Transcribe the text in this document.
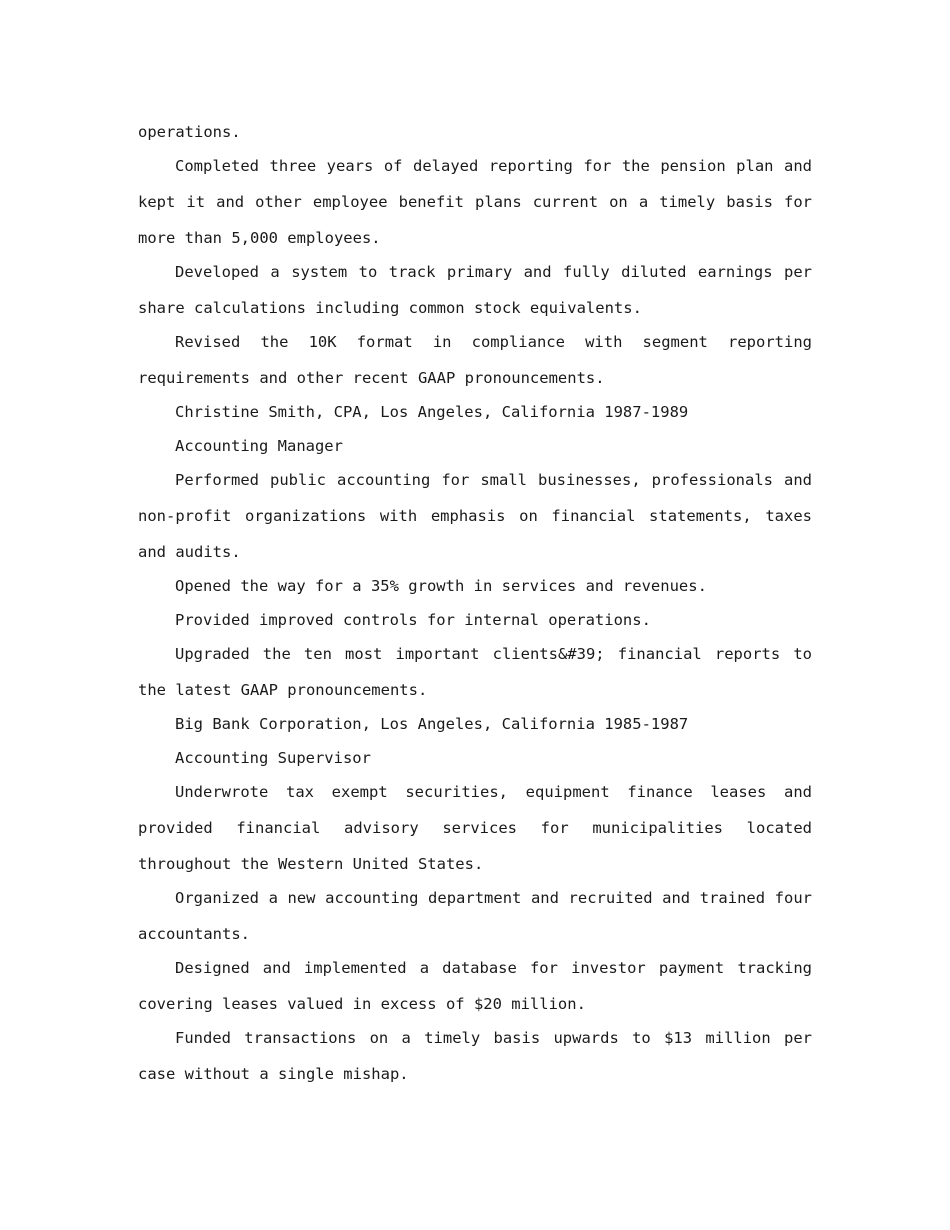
operations.

Completed three years of delayed reporting for the pension plan and kept it and other employee benefit plans current on a timely basis for more than 5,000 employees.

Developed a system to track primary and fully diluted earnings per share calculations including common stock equivalents.

Revised the 10K format in compliance with segment reporting requirements and other recent GAAP pronouncements.

Christine Smith, CPA, Los Angeles, California 1987-1989

Accounting Manager

Performed public accounting for small businesses, professionals and non-profit organizations with emphasis on financial statements, taxes and audits.

Opened the way for a 35% growth in services and revenues.

Provided improved controls for internal operations.

Upgraded the ten most important clients&#39; financial reports to the latest GAAP pronouncements.

Big Bank Corporation, Los Angeles, California 1985-1987

Accounting Supervisor

Underwrote tax exempt securities, equipment finance leases and provided financial advisory services for municipalities located throughout the Western United States.

Organized a new accounting department and recruited and trained four accountants.

Designed and implemented a database for investor payment tracking covering leases valued in excess of $20 million.

Funded transactions on a timely basis upwards to $13 million per case without a single mishap.
